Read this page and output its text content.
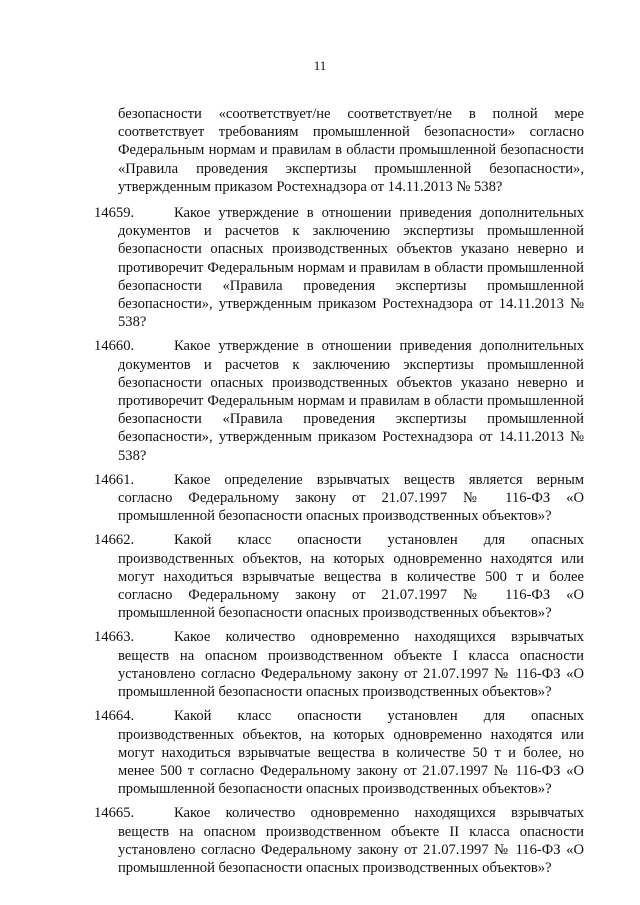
11
безопасности «соответствует/не соответствует/не в полной мере соответствует требованиям промышленной безопасности» согласно Федеральным нормам и правилам в области промышленной безопасности «Правила проведения экспертизы промышленной безопасности», утвержденным приказом Ростехнадзора от 14.11.2013 № 538?
14659.	Какое утверждение в отношении приведения дополнительных документов и расчетов к заключению экспертизы промышленной безопасности опасных производственных объектов указано неверно и противоречит Федеральным нормам и правилам в области промышленной безопасности «Правила проведения экспертизы промышленной безопасности», утвержденным приказом Ростехнадзора от 14.11.2013 № 538?
14660.	Какое утверждение в отношении приведения дополнительных документов и расчетов к заключению экспертизы промышленной безопасности опасных производственных объектов указано неверно и противоречит Федеральным нормам и правилам в области промышленной безопасности «Правила проведения экспертизы промышленной безопасности», утвержденным приказом Ростехнадзора от 14.11.2013 № 538?
14661.	Какое определение взрывчатых веществ является верным согласно Федеральному закону от 21.07.1997 № 116-ФЗ «О промышленной безопасности опасных производственных объектов»?
14662.	Какой класс опасности установлен для опасных производственных объектов, на которых одновременно находятся или могут находиться взрывчатые вещества в количестве 500 т и более согласно Федеральному закону от 21.07.1997 № 116-ФЗ «О промышленной безопасности опасных производственных объектов»?
14663.	Какое количество одновременно находящихся взрывчатых веществ на опасном производственном объекте I класса опасности установлено согласно Федеральному закону от 21.07.1997 № 116-ФЗ «О промышленной безопасности опасных производственных объектов»?
14664.	Какой класс опасности установлен для опасных производственных объектов, на которых одновременно находятся или могут находиться взрывчатые вещества в количестве 50 т и более, но менее 500 т согласно Федеральному закону от 21.07.1997 № 116-ФЗ «О промышленной безопасности опасных производственных объектов»?
14665.	Какое количество одновременно находящихся взрывчатых веществ на опасном производственном объекте II класса опасности установлено согласно Федеральному закону от 21.07.1997 № 116-ФЗ «О промышленной безопасности опасных производственных объектов»?
